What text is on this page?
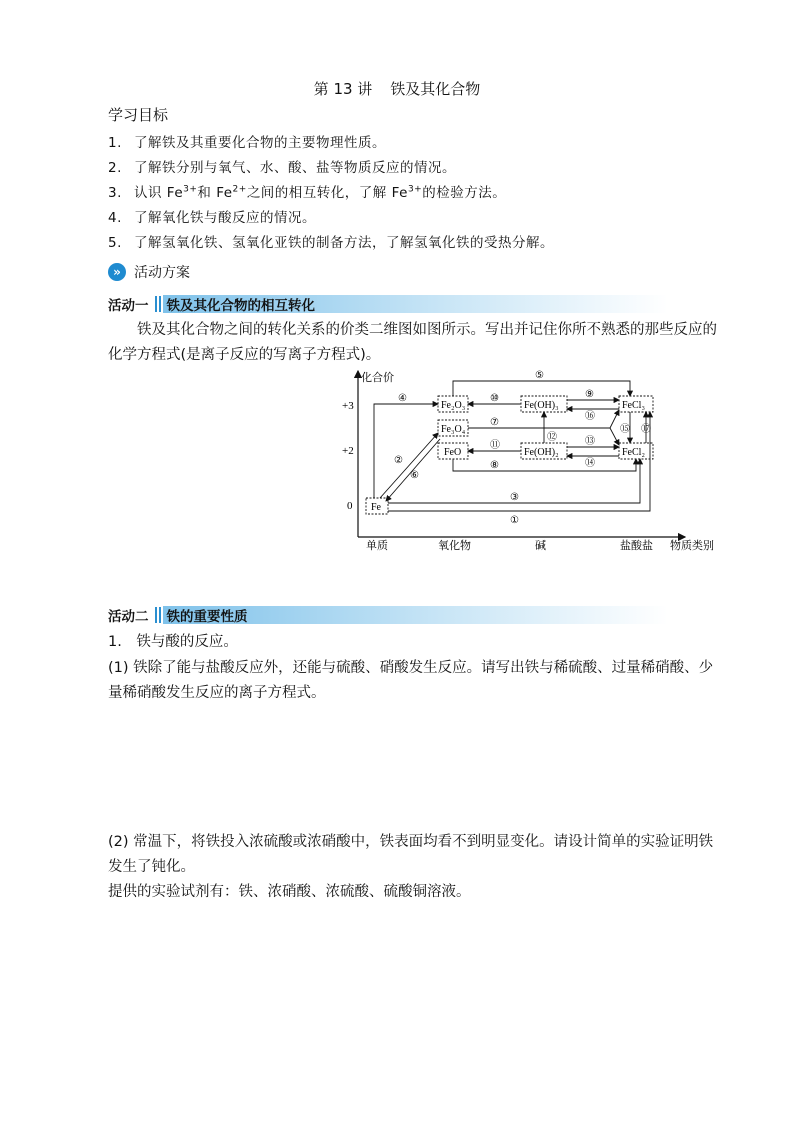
第 13 讲 铁及其化合物
学习目标
1. 了解铁及其重要化合物的主要物理性质。
2. 了解铁分别与氧气、水、酸、盐等物质反应的情况。
3. 认识 $Fe^{3+}$和 $Fe^{2+}$之间的相互转化，了解 $Fe^{3+}$的检验方法。
4. 了解氧化铁与酸反应的情况。
5. 了解氢氧化铁、氢氧化亚铁的制备方法，了解氢氧化铁的受热分解。
» 活动方案
活动一 铁及其化合物的相互转化
铁及其化合物之间的转化关系的价类二维图如图所示。写出并记住你所不熟悉的那些反应的化学方程式(是离子反应的写离子方程式)。
化合价
物质类别
+3
+2
0
单质	氧化物	碱	盐酸盐
Fe₂O₃
Fe₃O₄
FeO
Fe
Fe(OH)₃
Fe(OH)₂
FeCl₃
FeCl₂
⑤
④	⑩	⑨
⑯
⑦
⑫
⑪	⑬
⑭
⑮ ⑰
⑧
②
⑥
③
①
活动二 铁的重要性质
1.　铁与酸的反应。
(1) 铁除了能与盐酸反应外，还能与硫酸、硝酸发生反应。请写出铁与稀硫酸、过量稀硝酸、少量稀硝酸发生反应的离子方程式。
(2) 常温下，将铁投入浓硫酸或浓硝酸中，铁表面均看不到明显变化。请设计简单的实验证明铁发生了钝化。
提供的实验试剂有：铁、浓硝酸、浓硫酸、硫酸铜溶液。
